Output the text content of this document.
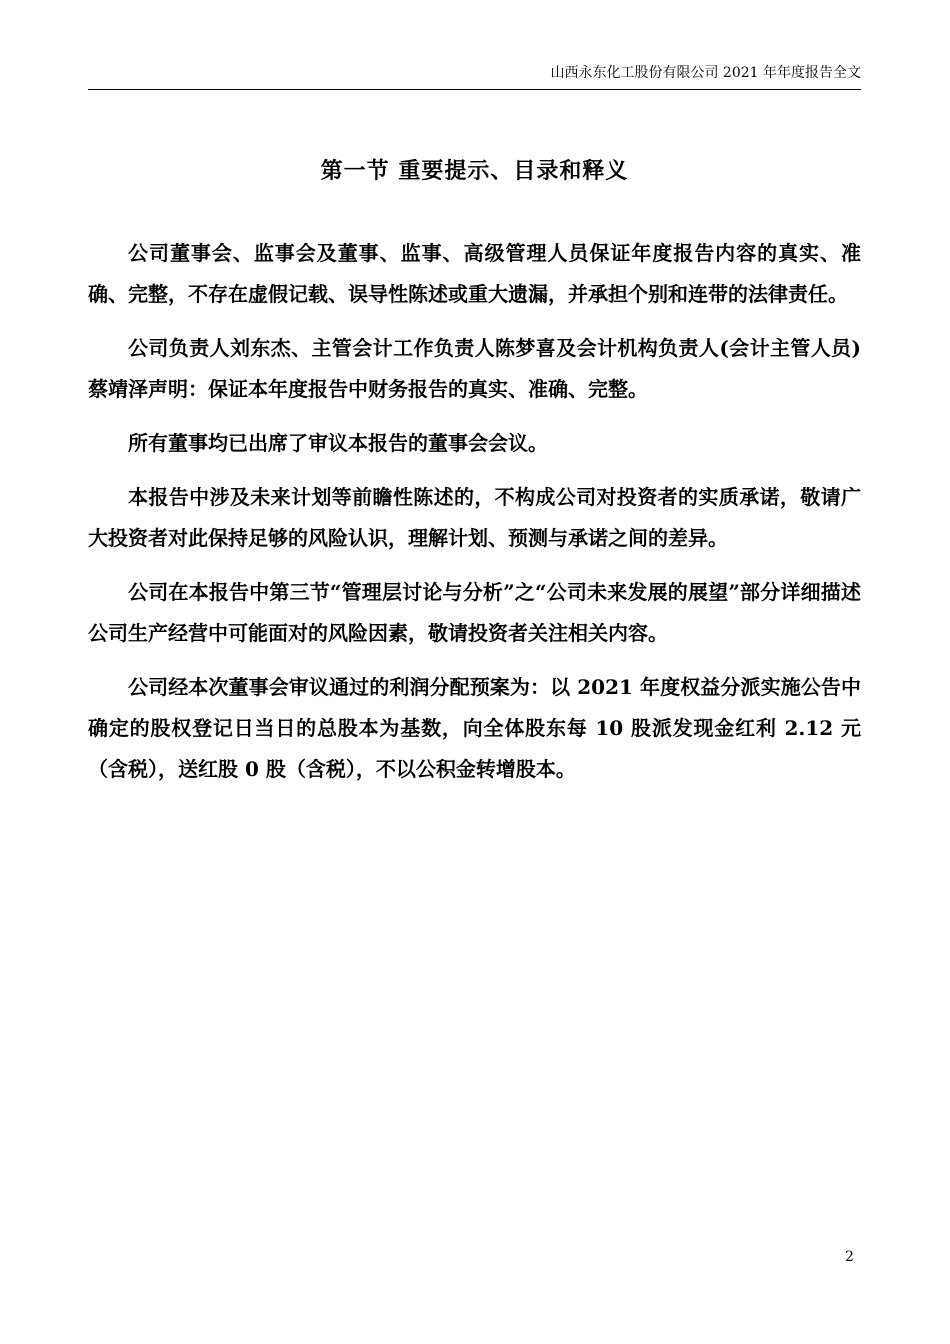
山西永东化工股份有限公司 2021 年年度报告全文
第一节 重要提示、目录和释义

公司董事会、监事会及董事、监事、高级管理人员保证年度报告内容的真实、准确、完整，不存在虚假记载、误导性陈述或重大遗漏，并承担个别和连带的法律责任。

公司负责人刘东杰、主管会计工作负责人陈梦喜及会计机构负责人(会计主管人员)蔡靖泽声明：保证本年度报告中财务报告的真实、准确、完整。

所有董事均已出席了审议本报告的董事会会议。

本报告中涉及未来计划等前瞻性陈述的，不构成公司对投资者的实质承诺，敬请广大投资者对此保持足够的风险认识，理解计划、预测与承诺之间的差异。

公司在本报告中第三节“管理层讨论与分析”之“公司未来发展的展望”部分详细描述公司生产经营中可能面对的风险因素，敬请投资者关注相关内容。

公司经本次董事会审议通过的利润分配预案为：以 2021 年度权益分派实施公告中确定的股权登记日当日的总股本为基数，向全体股东每 10 股派发现金红利 2.12 元（含税），送红股 0 股（含税），不以公积金转增股本。

2
